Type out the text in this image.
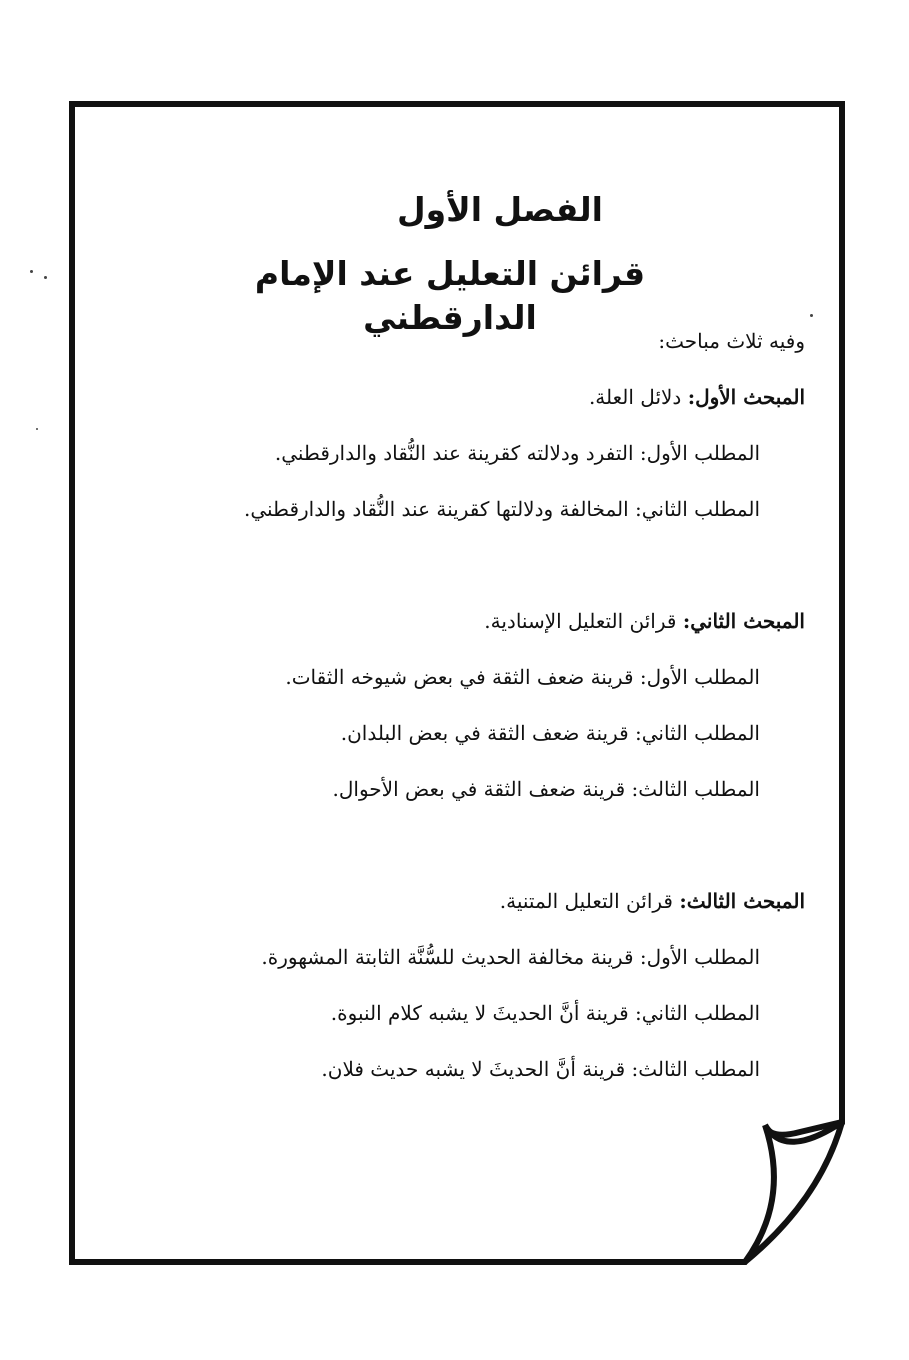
الفصل الأول
قرائن التعليل عند الإمام الدارقطني
وفيه ثلاث مباحث:
المبحث الأول: دلائل العلة.
المطلب الأول: التفرد ودلالته كقرينة عند النُّقاد والدارقطني.
المطلب الثاني: المخالفة ودلالتها كقرينة عند النُّقاد والدارقطني.
المبحث الثاني: قرائن التعليل الإسنادية.
المطلب الأول: قرينة ضعف الثقة في بعض شيوخه الثقات.
المطلب الثاني: قرينة ضعف الثقة في بعض البلدان.
المطلب الثالث: قرينة ضعف الثقة في بعض الأحوال.
المبحث الثالث: قرائن التعليل المتنية.
المطلب الأول: قرينة مخالفة الحديث للسُّنَّة الثابتة المشهورة.
المطلب الثاني: قرينة أنَّ الحديثَ لا يشبه كلام النبوة.
المطلب الثالث: قرينة أنَّ الحديثَ لا يشبه حديث فلان.
